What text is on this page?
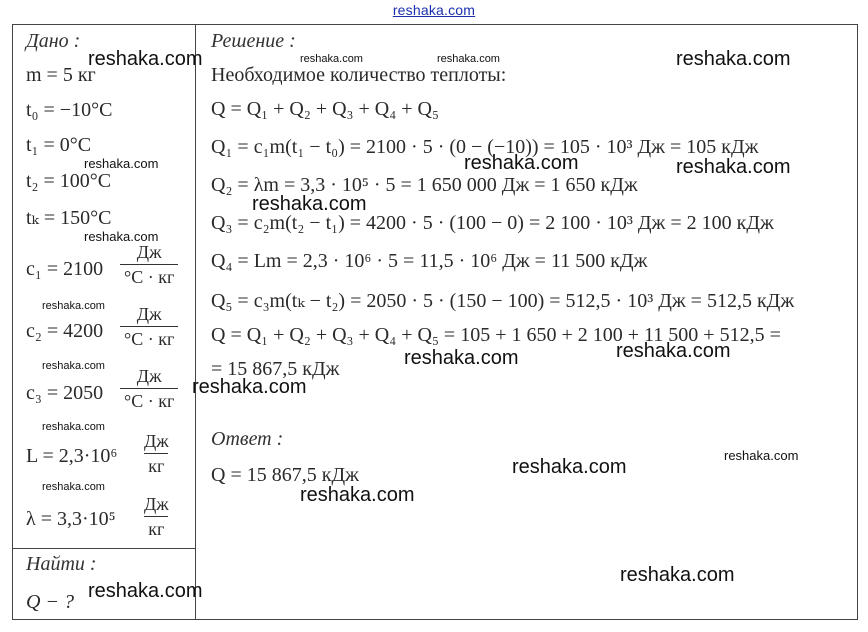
reshaka.com
Дано :
m = 5 кг
t₀ = −10°C
t₁ = 0°C
t₂ = 100°C
tₖ = 150°C
c₁ = 2100
Дж
°C · кг
c₂ = 4200
Дж
°C · кг
c₃ = 2050
Дж
°C · кг
L = 2,3·10⁶
Дж
кг
λ = 3,3·10⁵
Дж
кг
Найти :
Q − ?
Решение :
Необходимое количество теплоты:
Q = Q₁ + Q₂ + Q₃ + Q₄ + Q₅
Q₁ = c₁m(t₁ − t₀) = 2100 · 5 · (0 − (−10)) = 105 · 10³ Дж = 105 кДж
Q₂ = λm = 3,3 · 10⁵ · 5 = 1 650 000 Дж = 1 650 кДж
Q₃ = c₂m(t₂ − t₁) = 4200 · 5 · (100 − 0) = 2 100 · 10³ Дж = 2 100 кДж
Q₄ = Lm = 2,3 · 10⁶ · 5 = 11,5 · 10⁶ Дж = 11 500 кДж
Q₅ = c₃m(tₖ − t₂) = 2050 · 5 · (150 − 100) = 512,5 · 10³ Дж = 512,5 кДж
Q = Q₁ + Q₂ + Q₃ + Q₄ + Q₅ = 105 + 1 650 + 2 100 + 11 500 + 512,5 =
= 15 867,5 кДж
Ответ :
Q = 15 867,5 кДж
reshaka.com	reshaka.com	reshaka.com	reshaka.com
reshaka.com	reshaka.com	reshaka.com
reshaka.com
reshaka.com
reshaka.com
reshaka.com	reshaka.com	reshaka.com
reshaka.com
reshaka.com
reshaka.com
reshaka.com
reshaka.com
reshaka.com
reshaka.com
reshaka.com
